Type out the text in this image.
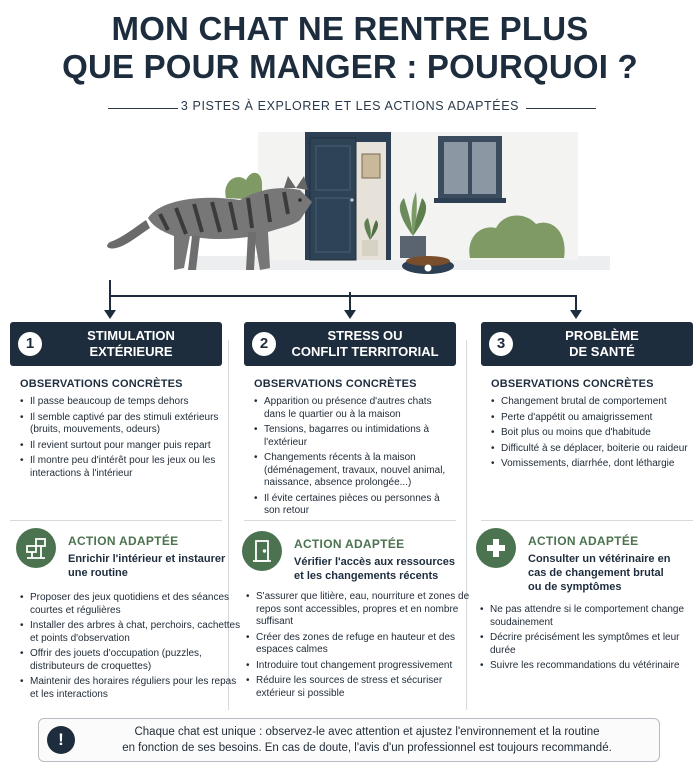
MON CHAT NE RENTRE PLUS
QUE POUR MANGER : POURQUOI ?
3 PISTES À EXPLORER ET LES ACTIONS ADAPTÉES
1	STIMULATION
EXTÉRIEURE
OBSERVATIONS CONCRÈTES
• Il passe beaucoup de temps dehors
• Il semble captivé par des stimuli extérieurs (bruits, mouvements, odeurs)
• Il revient surtout pour manger puis repart
• Il montre peu d'intérêt pour les jeux ou les interactions à l'intérieur
2	STRESS OU
CONFLIT TERRITORIAL
OBSERVATIONS CONCRÈTES
• Apparition ou présence d'autres chats dans le quartier ou à la maison
• Tensions, bagarres ou intimidations à l'extérieur
• Changements récents à la maison (déménagement, travaux, nouvel animal, naissance, absence prolongée...)
• Il évite certaines pièces ou personnes à son retour
3	PROBLÈME
DE SANTÉ
OBSERVATIONS CONCRÈTES
• Changement brutal de comportement
• Perte d'appétit ou amaigrissement
• Boit plus ou moins que d'habitude
• Difficulté à se déplacer, boiterie ou raideur
• Vomissements, diarrhée, dont léthargie
ACTION ADAPTÉE
Enrichir l'intérieur et instaurer une routine
• Proposer des jeux quotidiens et des séances courtes et régulières
• Installer des arbres à chat, perchoirs, cachettes et points d'observation
• Offrir des jouets d'occupation (puzzles, distributeurs de croquettes)
• Maintenir des horaires réguliers pour les repas et les interactions
ACTION ADAPTÉE
Vérifier l'accès aux ressources et les changements récents
• S'assurer que litière, eau, nourriture et zones de repos sont accessibles, propres et en nombre suffisant
• Créer des zones de refuge en hauteur et des espaces calmes
• Introduire tout changement progressivement
• Réduire les sources de stress et sécuriser extérieur si possible
ACTION ADAPTÉE
Consulter un vétérinaire en cas de changement brutal ou de symptômes
• Ne pas attendre si le comportement change soudainement
• Décrire précisément les symptômes et leur durée
• Suivre les recommandations du vétérinaire
!	Chaque chat est unique : observez-le avec attention et ajustez l'environnement et la routine
en fonction de ses besoins. En cas de doute, l'avis d'un professionnel est toujours recommandé.
